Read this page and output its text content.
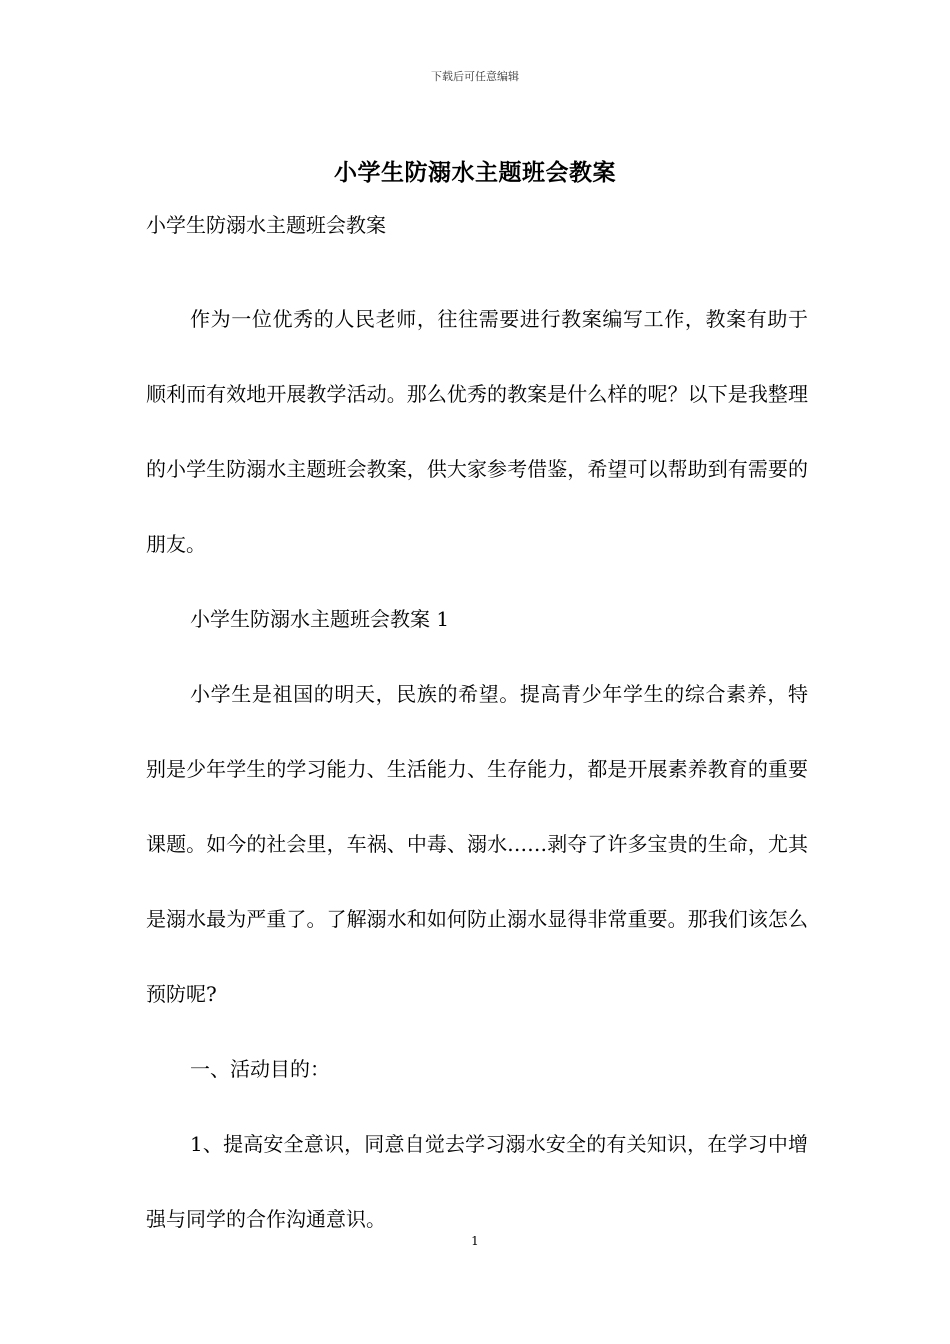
下载后可任意编辑
小学生防溺水主题班会教案

小学生防溺水主题班会教案

作为一位优秀的人民老师，往往需要进行教案编写工作，教案有助于顺利而有效地开展教学活动。那么优秀的教案是什么样的呢？以下是我整理的小学生防溺水主题班会教案，供大家参考借鉴，希望可以帮助到有需要的朋友。

小学生防溺水主题班会教案 1

小学生是祖国的明天，民族的希望。提高青少年学生的综合素养，特别是少年学生的学习能力、生活能力、生存能力，都是开展素养教育的重要课题。如今的社会里，车祸、中毒、溺水……剥夺了许多宝贵的生命，尤其是溺水最为严重了。了解溺水和如何防止溺水显得非常重要。那我们该怎么预防呢?

一、活动目的：

1、提高安全意识，同意自觉去学习溺水安全的有关知识，在学习中增强与同学的合作沟通意识。

1
